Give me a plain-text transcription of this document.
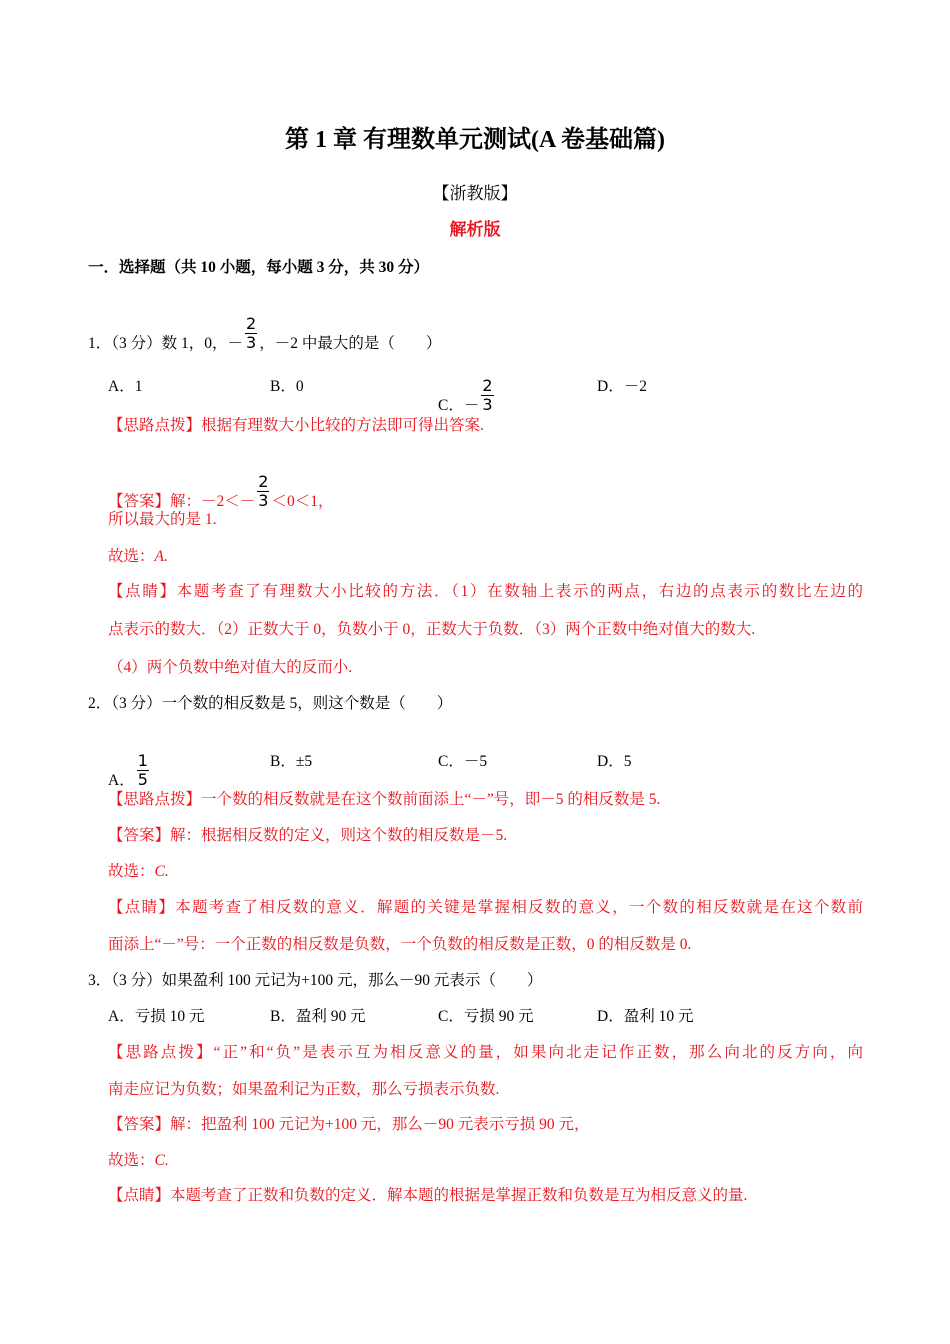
第 1 章 有理数单元测试(A 卷基础篇)
【浙教版】
解析版
一．选择题（共 10 小题，每小题 3 分，共 30 分）
1．（3 分）数 1，0，－ $\frac{2}{3}$ ，－2 中最大的是（　　）
A．1	B．0
C．－ $\frac{2}{3}$	D．－2
【思路点拨】根据有理数大小比较的方法即可得出答案.
【答案】解：$-2<- \frac{2}{3} <0<1$，
所以最大的是 1.
故选：A.
【点睛】本题考查了有理数大小比较的方法．（1）在数轴上表示的两点，右边的点表示的数比左边的
点表示的数大．（2）正数大于 0，负数小于 0，正数大于负数．（3）两个正数中绝对值大的数大.
（4）两个负数中绝对值大的反而小.
2．（3 分）一个数的相反数是 5，则这个数是（　　）
A． $\frac{1}{5}$	B．±5	C．－5	D．5
【思路点拨】一个数的相反数就是在这个数前面添上“－”号，即－5 的相反数是 5.
【答案】解：根据相反数的定义，则这个数的相反数是－5.
故选：C.
【点睛】本题考查了相反数的意义．解题的关键是掌握相反数的意义，一个数的相反数就是在这个数前
面添上“－”号：一个正数的相反数是负数，一个负数的相反数是正数，0 的相反数是 0.
3．（3 分）如果盈利 100 元记为+100 元，那么－90 元表示（　　）
A．亏损 10 元	B．盈利 90 元	C．亏损 90 元	D．盈利 10 元
【思路点拨】“正”和“负”是表示互为相反意义的量，如果向北走记作正数，那么向北的反方向，向
南走应记为负数；如果盈利记为正数，那么亏损表示负数.
【答案】解：把盈利 100 元记为+100 元，那么－90 元表示亏损 90 元，
故选：C.
【点睛】本题考查了正数和负数的定义．解本题的根据是掌握正数和负数是互为相反意义的量.
